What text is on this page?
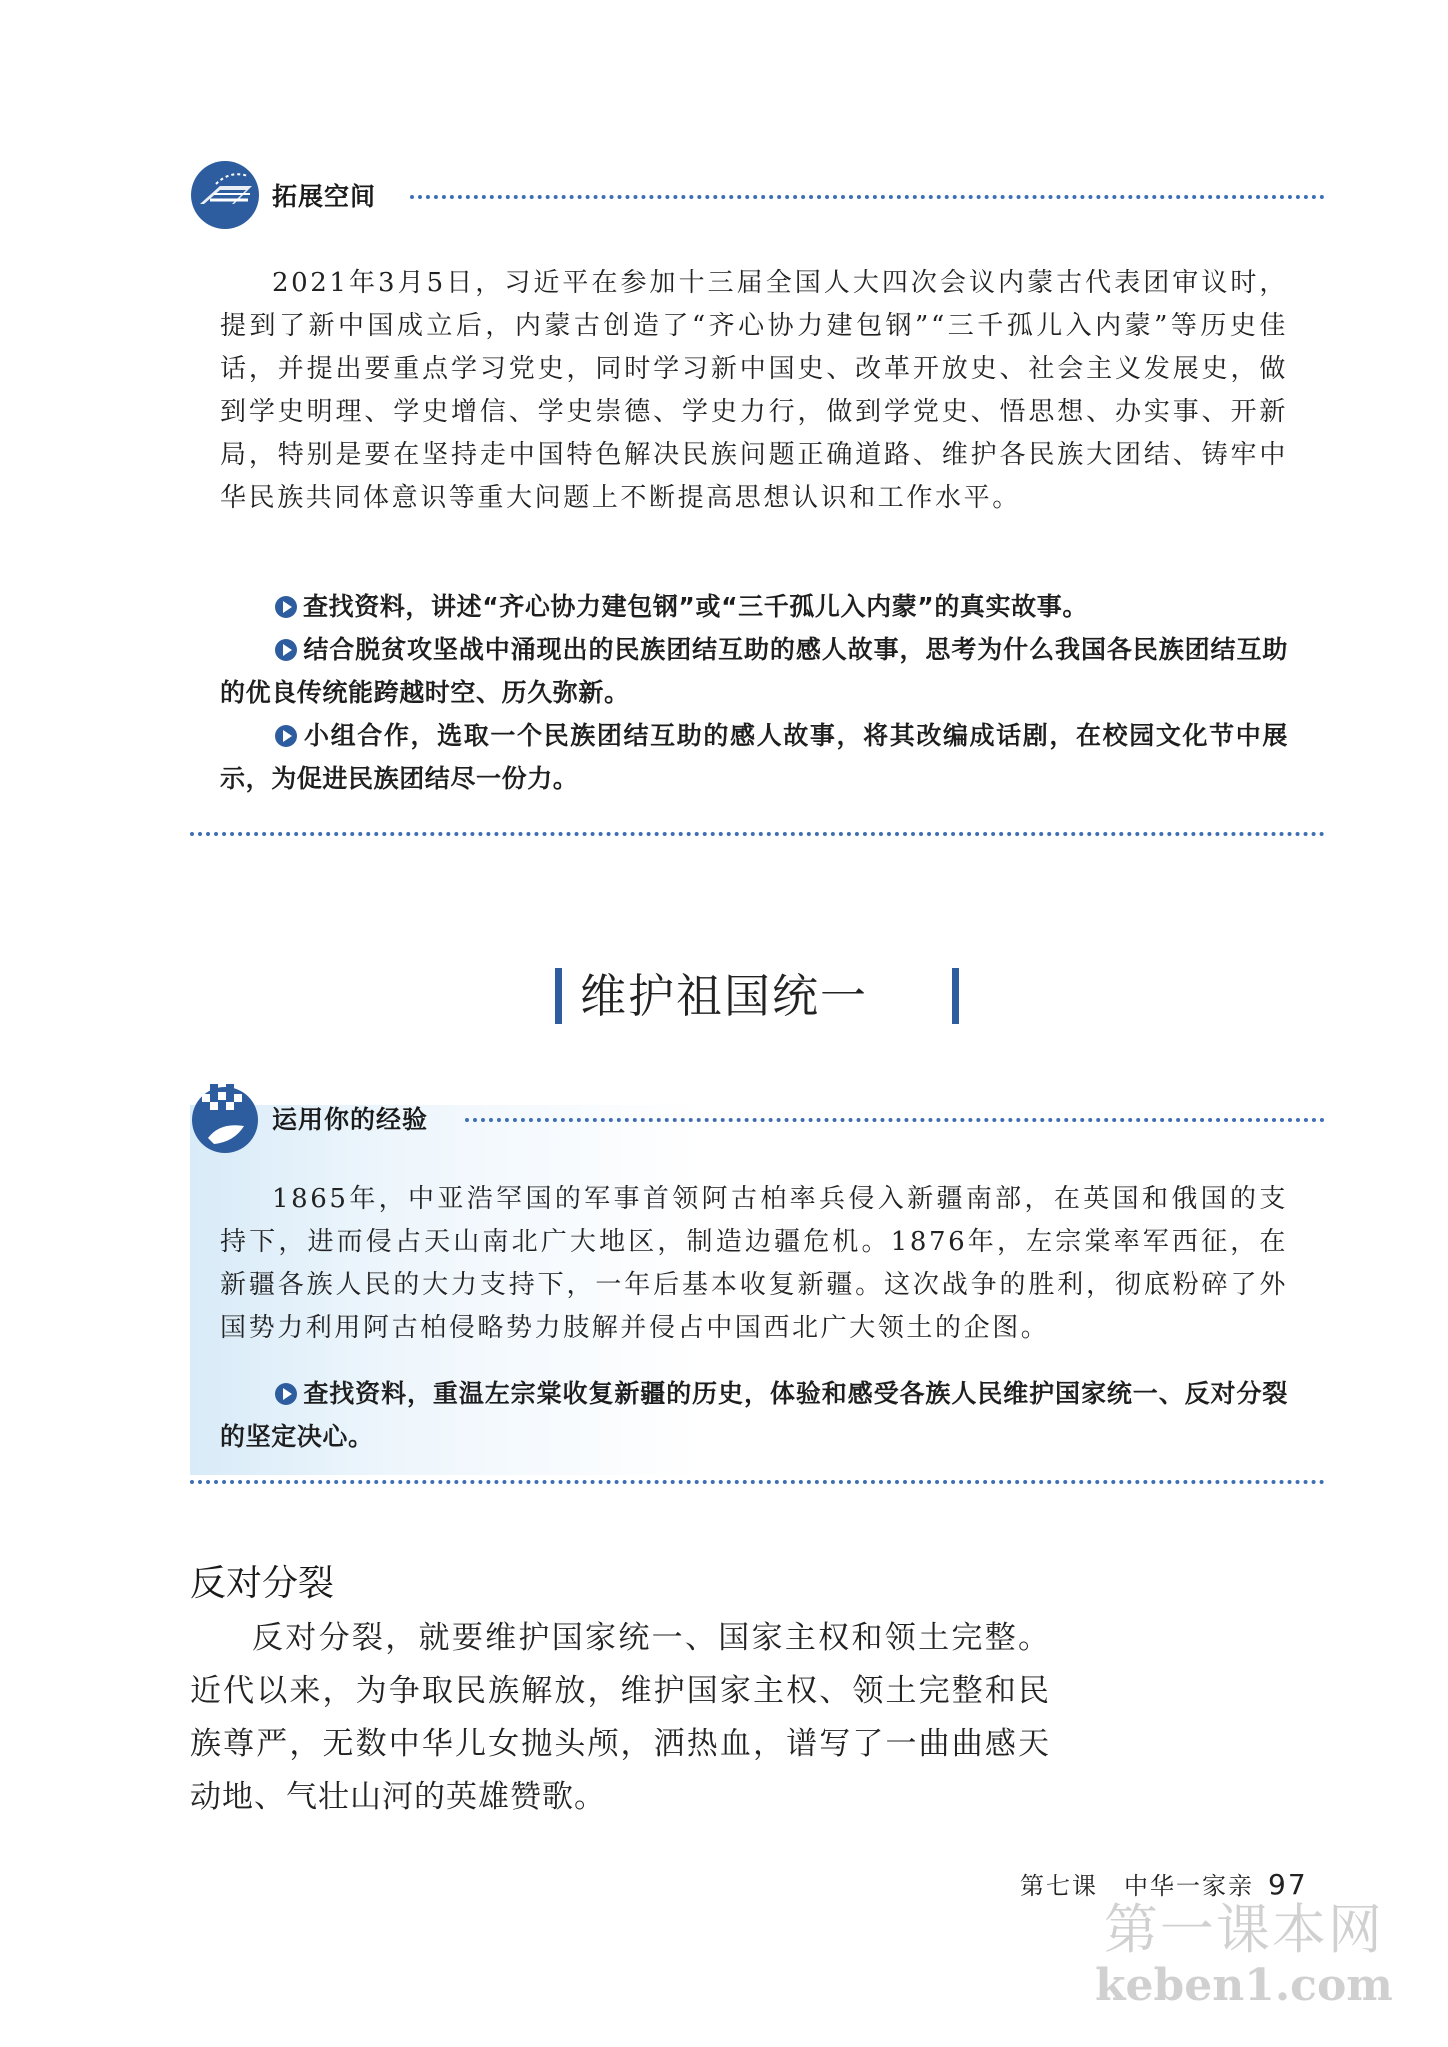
拓展空间

2021年3月5日，习近平在参加十三届全国人大四次会议内蒙古代表团审议时，提到了新中国成立后，内蒙古创造了“齐心协力建包钢”“三千孤儿入内蒙”等历史佳话，并提出要重点学习党史，同时学习新中国史、改革开放史、社会主义发展史，做到学史明理、学史增信、学史崇德、学史力行，做到学党史、悟思想、办实事、开新局，特别是要在坚持走中国特色解决民族问题正确道路、维护各民族大团结、铸牢中华民族共同体意识等重大问题上不断提高思想认识和工作水平。

查找资料，讲述“齐心协力建包钢”或“三千孤儿入内蒙”的真实故事。

结合脱贫攻坚战中涌现出的民族团结互助的感人故事，思考为什么我国各民族团结互助的优良传统能跨越时空、历久弥新。

小组合作，选取一个民族团结互助的感人故事，将其改编成话剧，在校园文化节中展示，为促进民族团结尽一份力。

维护祖国统一
运用你的经验

1865年，中亚浩罕国的军事首领阿古柏率兵侵入新疆南部，在英国和俄国的支持下，进而侵占天山南北广大地区，制造边疆危机。1876年，左宗棠率军西征，在新疆各族人民的大力支持下，一年后基本收复新疆。这次战争的胜利，彻底粉碎了外国势力利用阿古柏侵略势力肢解并侵占中国西北广大领土的企图。

查找资料，重温左宗棠收复新疆的历史，体验和感受各族人民维护国家统一、反对分裂的坚定决心。

反对分裂

反对分裂，就要维护国家统一、国家主权和领土完整。近代以来，为争取民族解放，维护国家主权、领土完整和民族尊严，无数中华儿女抛头颅，洒热血，谱写了一曲曲感天动地、气壮山河的英雄赞歌。

第七课　中华一家亲 97
第一课本网
keben1.com
